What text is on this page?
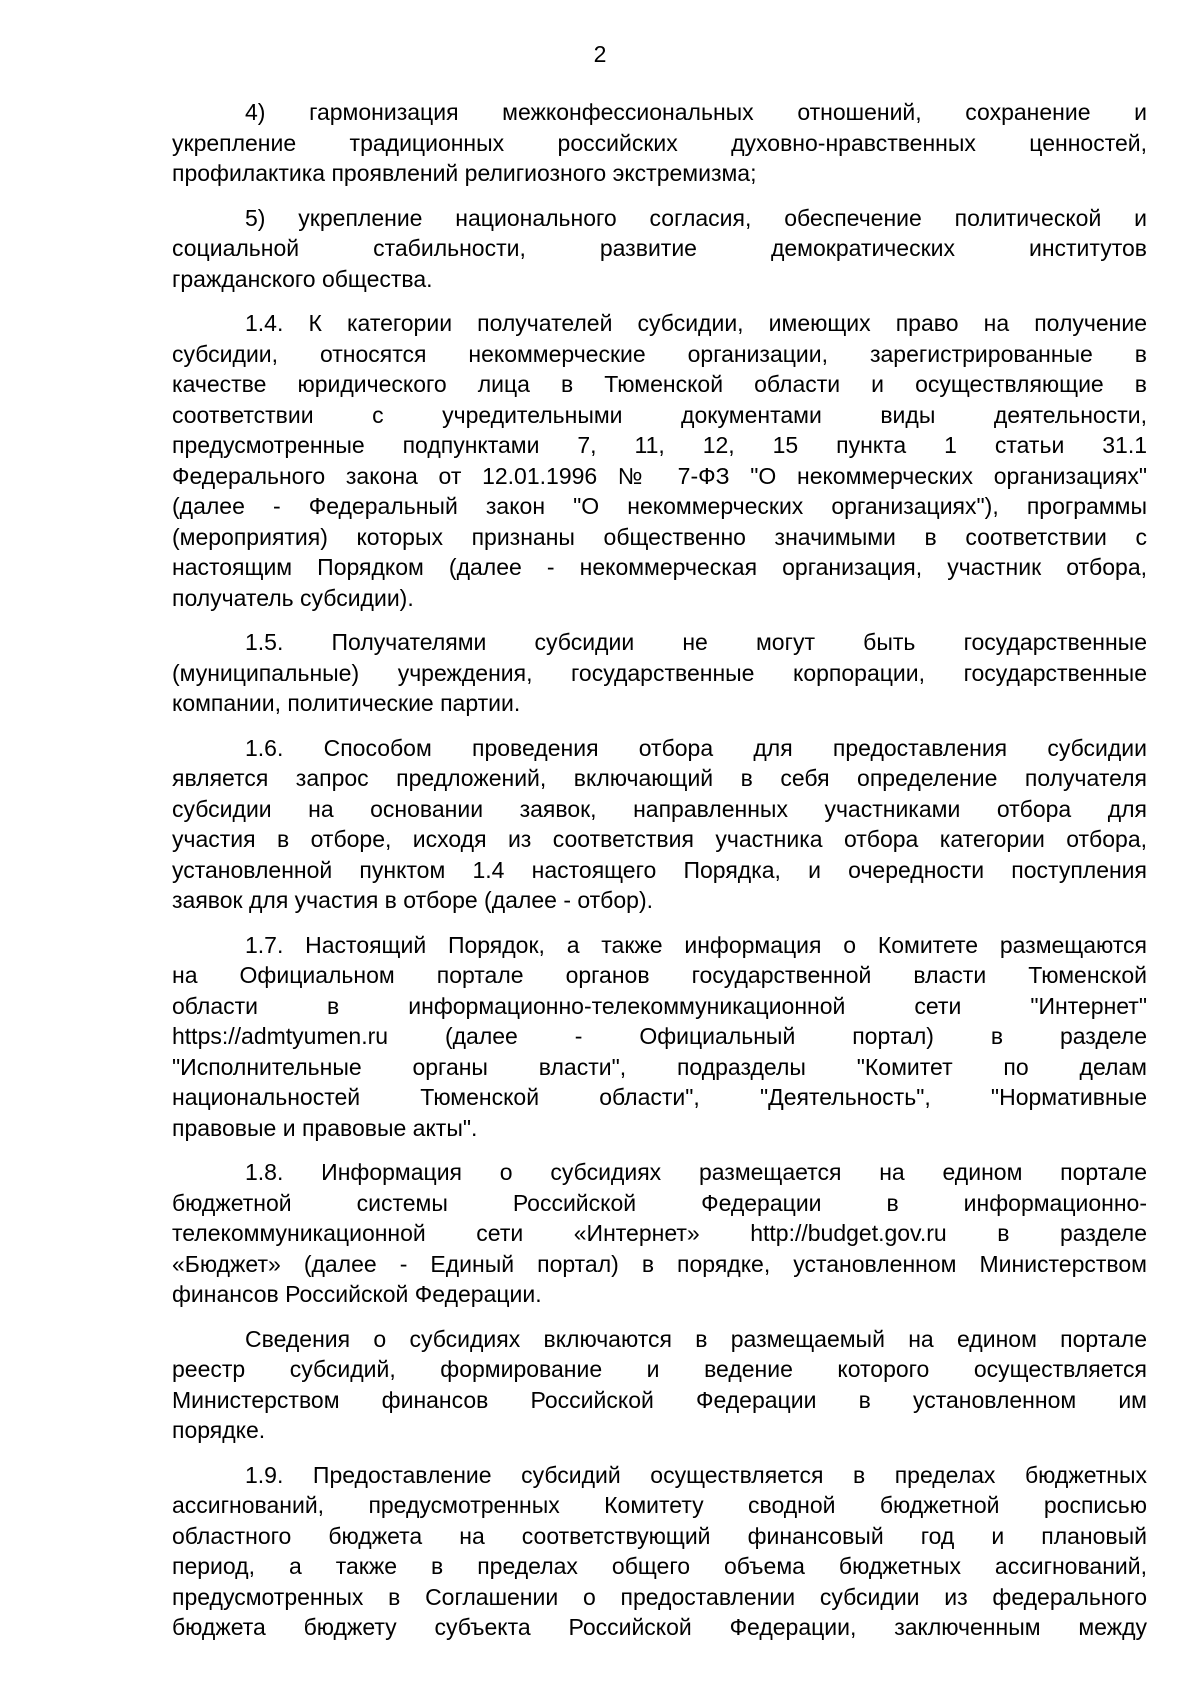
2

4) гармонизация межконфессиональных отношений, сохранение и
укрепление традиционных российских духовно-нравственных ценностей,
профилактика проявлений религиозного экстремизма;

5) укрепление национального согласия, обеспечение политической и
социальной стабильности, развитие демократических институтов
гражданского общества.

1.4. К категории получателей субсидии, имеющих право на получение
субсидии, относятся некоммерческие организации, зарегистрированные в
качестве юридического лица в Тюменской области и осуществляющие в
соответствии с учредительными документами виды деятельности,
предусмотренные подпунктами 7, 11, 12, 15 пункта 1 статьи 31.1
Федерального закона от 12.01.1996 № 7-ФЗ "О некоммерческих организациях"
(далее - Федеральный закон "О некоммерческих организациях"), программы
(мероприятия) которых признаны общественно значимыми в соответствии с
настоящим Порядком (далее - некоммерческая организация, участник отбора,
получатель субсидии).

1.5. Получателями субсидии не могут быть государственные
(муниципальные) учреждения, государственные корпорации, государственные
компании, политические партии.

1.6. Способом проведения отбора для предоставления субсидии
является запрос предложений, включающий в себя определение получателя
субсидии на основании заявок, направленных участниками отбора для
участия в отборе, исходя из соответствия участника отбора категории отбора,
установленной пунктом 1.4 настоящего Порядка, и очередности поступления
заявок для участия в отборе (далее - отбор).

1.7. Настоящий Порядок, а также информация о Комитете размещаются
на Официальном портале органов государственной власти Тюменской
области в информационно-телекоммуникационной сети "Интернет"
https://admtyumen.ru (далее - Официальный портал) в разделе
"Исполнительные органы власти", подразделы "Комитет по делам
национальностей Тюменской области", "Деятельность", "Нормативные
правовые и правовые акты".

1.8. Информация о субсидиях размещается на едином портале
бюджетной системы Российской Федерации в информационно-
телекоммуникационной сети «Интернет» http://budget.gov.ru в разделе
«Бюджет» (далее - Единый портал) в порядке, установленном Министерством
финансов Российской Федерации.

Сведения о субсидиях включаются в размещаемый на едином портале
реестр субсидий, формирование и ведение которого осуществляется
Министерством финансов Российской Федерации в установленном им
порядке.

1.9. Предоставление субсидий осуществляется в пределах бюджетных
ассигнований, предусмотренных Комитету сводной бюджетной росписью
областного бюджета на соответствующий финансовый год и плановый
период, а также в пределах общего объема бюджетных ассигнований,
предусмотренных в Соглашении о предоставлении субсидии из федерального
бюджета бюджету субъекта Российской Федерации, заключенным между
